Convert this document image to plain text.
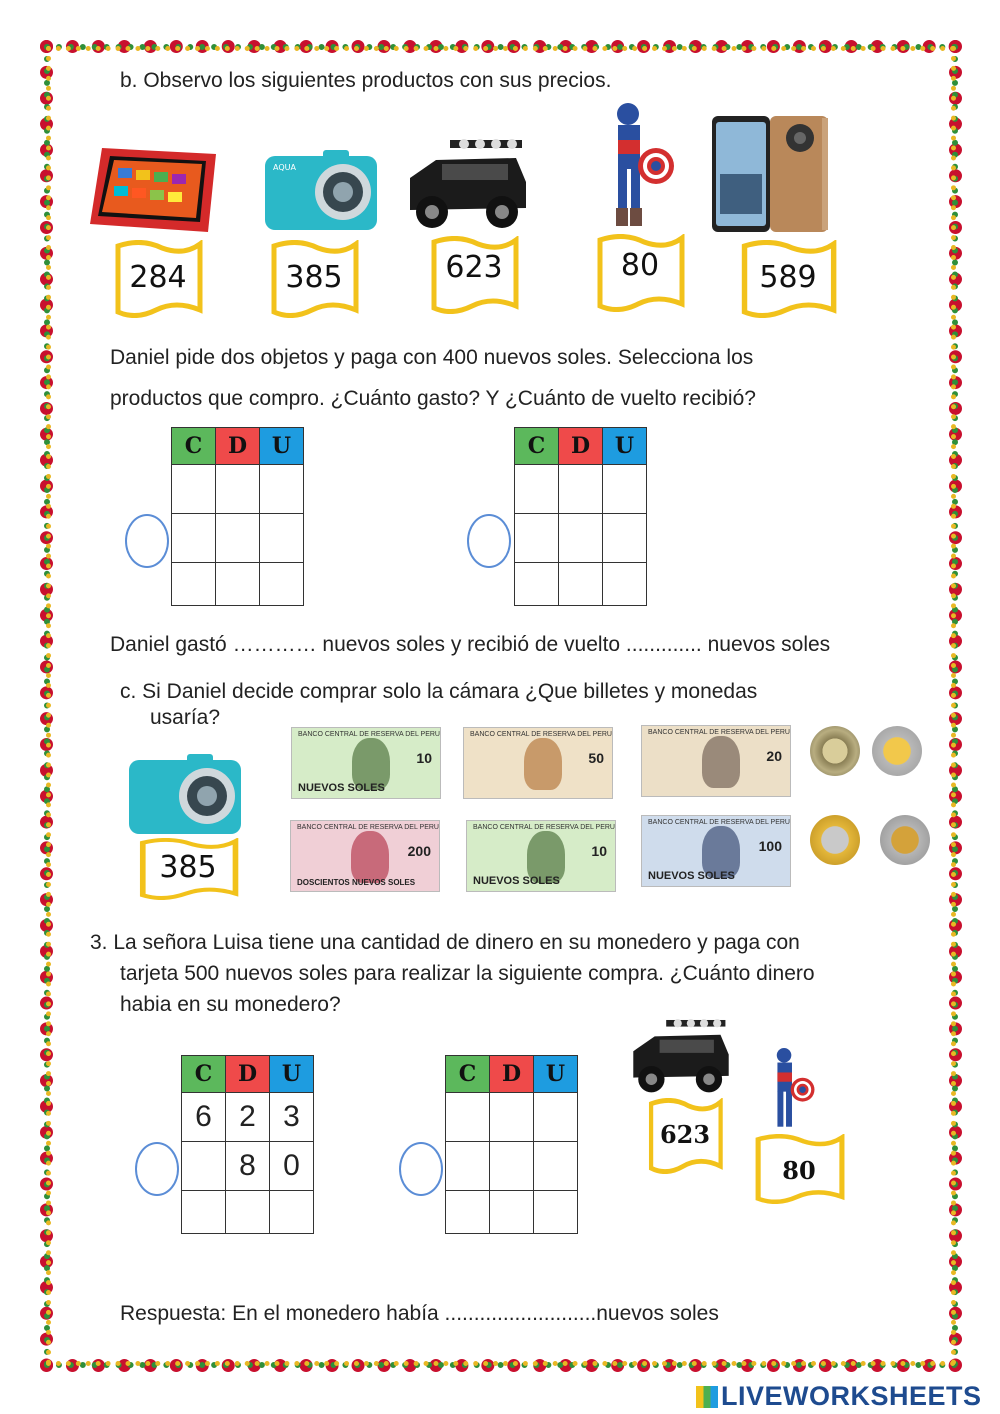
b. Observo los siguientes productos con sus precios.
AQUA
284	385	623	80	589
Daniel pide dos objetos y paga con 400 nuevos soles. Selecciona los
productos que compro. ¿Cuánto gasto? Y ¿Cuánto de vuelto recibió?
C	D	U

			C	D	U

Daniel gastó ………… nuevos soles y recibió de vuelto ............. nuevos soles
c. Si Daniel decide comprar solo la cámara ¿Que billetes y monedas
usaría?
385
BANCO CENTRAL DE RESERVA DEL PERU
10
NUEVOS SOLES
BANCO CENTRAL DE RESERVA DEL PERU
50
BANCO CENTRAL DE RESERVA DEL PERU
20
BANCO CENTRAL DE RESERVA DEL PERU
200
DOSCIENTOS NUEVOS SOLES
BANCO CENTRAL DE RESERVA DEL PERU
10
NUEVOS SOLES
BANCO CENTRAL DE RESERVA DEL PERU
100
NUEVOS SOLES
3. La señora Luisa tiene una cantidad de dinero en su monedero y paga con
tarjeta 500 nuevos soles para realizar la siguiente compra. ¿Cuánto dinero
habia en su monedero?
C	D	U
6	2	3
	8	0

C	D	U

623
80
Respuesta: En el monedero había ..........................nuevos soles
LIVEWORKSHEETS
